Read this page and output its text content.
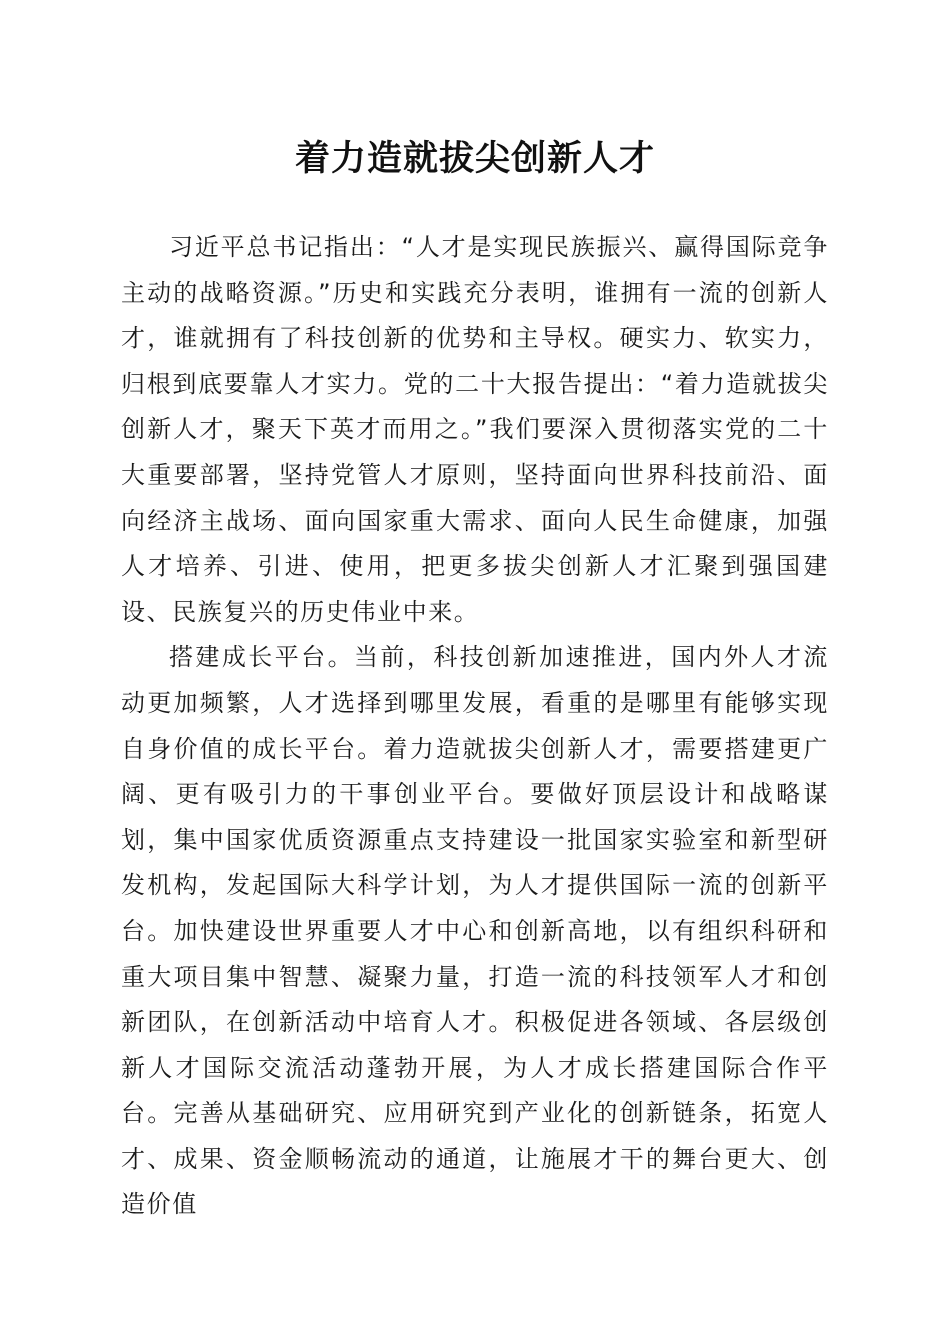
着力造就拔尖创新人才

习近平总书记指出：“人才是实现民族振兴、赢得国际竞争主动的战略资源。”历史和实践充分表明，谁拥有一流的创新人才，谁就拥有了科技创新的优势和主导权。硬实力、软实力，归根到底要靠人才实力。党的二十大报告提出：“着力造就拔尖创新人才，聚天下英才而用之。”我们要深入贯彻落实党的二十大重要部署，坚持党管人才原则，坚持面向世界科技前沿、面向经济主战场、面向国家重大需求、面向人民生命健康，加强人才培养、引进、使用，把更多拔尖创新人才汇聚到强国建设、民族复兴的历史伟业中来。

搭建成长平台。当前，科技创新加速推进，国内外人才流动更加频繁，人才选择到哪里发展，看重的是哪里有能够实现自身价值的成长平台。着力造就拔尖创新人才，需要搭建更广阔、更有吸引力的干事创业平台。要做好顶层设计和战略谋划，集中国家优质资源重点支持建设一批国家实验室和新型研发机构，发起国际大科学计划，为人才提供国际一流的创新平台。加快建设世界重要人才中心和创新高地，以有组织科研和重大项目集中智慧、凝聚力量，打造一流的科技领军人才和创新团队，在创新活动中培育人才。积极促进各领域、各层级创新人才国际交流活动蓬勃开展，为人才成长搭建国际合作平台。完善从基础研究、应用研究到产业化的创新链条，拓宽人才、成果、资金顺畅流动的通道，让施展才干的舞台更大、创造价值
